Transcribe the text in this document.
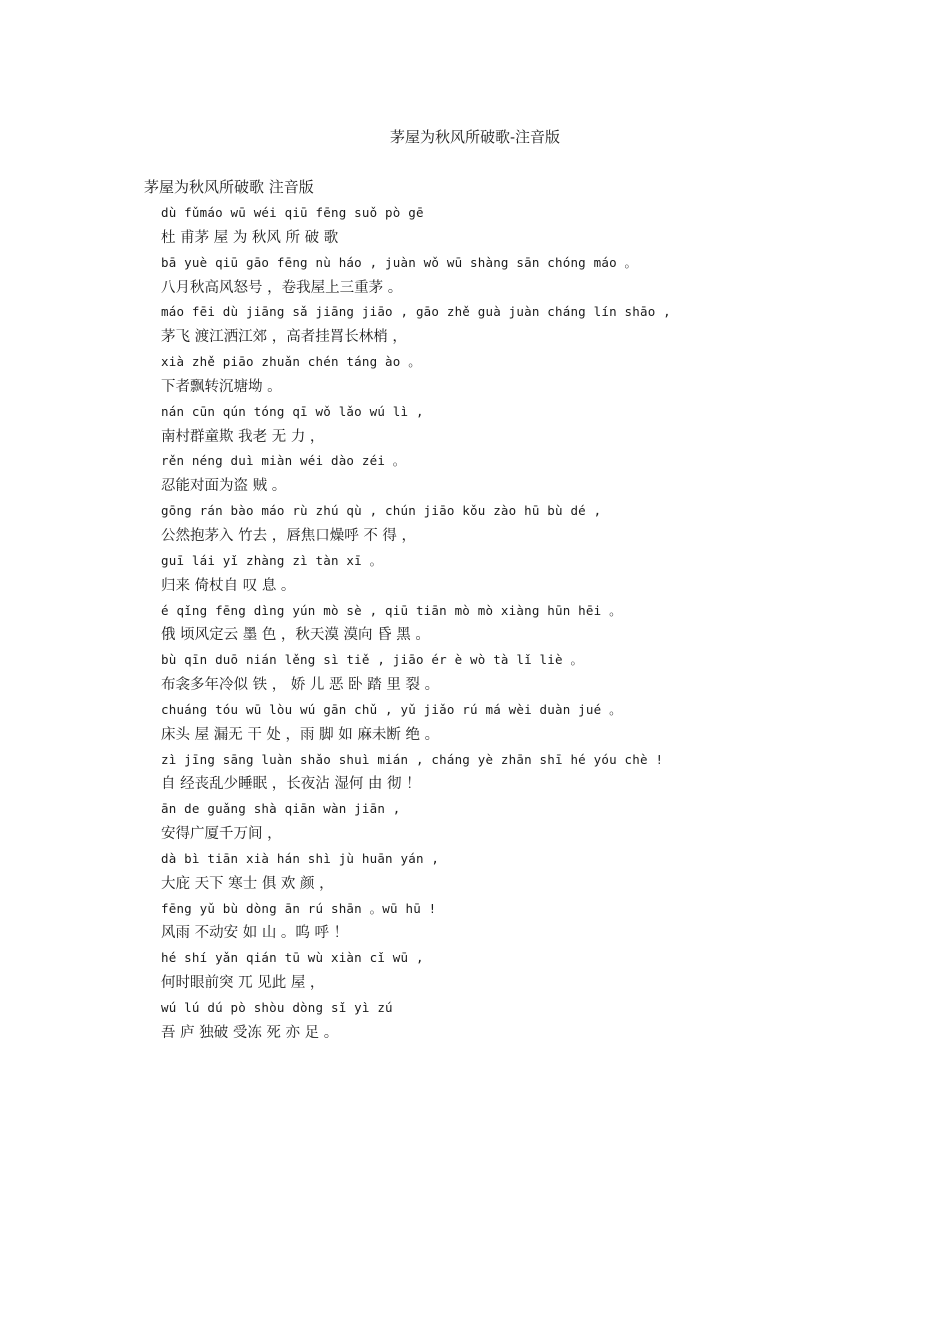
茅屋为秋风所破歌-注音版
茅屋为秋风所破歌 注音版
dù fǔmáo wū wéi qiū fēng suǒ pò gē
杜 甫茅 屋 为 秋风 所 破 歌
bā yuè qiū gāo fēng nù háo , juàn wǒ wū shàng sān chóng máo 。
八月秋高风怒号 ，卷我屋上三重茅 。
máo fēi dù jiāng sǎ jiāng jiāo , gāo zhě guà juàn cháng lín shāo ,
茅飞 渡江洒江郊 ，高者挂罥长林梢 ，
xià zhě piāo zhuǎn chén táng ào 。
下者飘转沉塘坳 。
nán cūn qún tóng qī wǒ lǎo wú lì ,
南村群童欺 我老 无 力 ，
rěn néng duì miàn wéi dào zéi 。
忍能对面为盗 贼 。
gōng rán bào máo rù zhú qù , chún jiāo kǒu zào hū bù dé ,
公然抱茅入 竹去 ，唇焦口燥呼 不 得 ，
guī lái yǐ zhàng zì tàn xī 。
归来 倚杖自 叹 息 。
é qǐng fēng dìng yún mò sè , qiū tiān mò mò xiàng hūn hēi 。
俄 顷风定云 墨 色 ，秋天漠 漠向 昏 黑 。
bù qīn duō nián lěng sì tiě , jiāo ér è wò tà lǐ liè 。
布衾多年冷似 铁 ， 娇 儿 恶 卧 踏 里 裂 。
chuáng tóu wū lòu wú gān chǔ , yǔ jiǎo rú má wèi duàn jué 。
床头 屋 漏无 干 处 ，雨 脚 如 麻未断 绝 。
zì jīng sāng luàn shǎo shuì mián , cháng yè zhān shī hé yóu chè !
自 经丧乱少睡眠 ，长夜沾 湿何 由 彻 ！
ān de guǎng shà qiān wàn jiān ,
安得广厦千万间 ，
dà bì tiān xià hán shì jù huān yán ,
大庇 天下 寒士 俱 欢 颜 ，
fēng yǔ bù dòng ān rú shān 。wū hū !
风雨 不动安 如 山 。呜 呼 ！
hé shí yǎn qián tū wù xiàn cǐ wū ,
何时眼前突 兀 见此 屋 ，
wú lú dú pò shòu dòng sǐ yì zú
吾 庐 独破 受冻 死 亦 足 。
